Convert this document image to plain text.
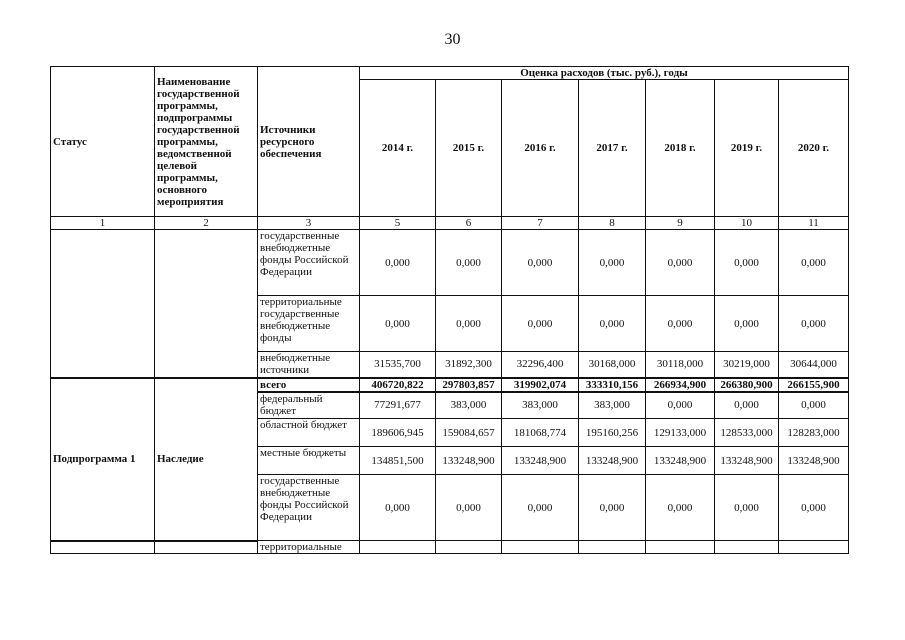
30
Статус	Наименование государственной программы, подпрограммы государственной программы, ведомственной целевой программы, основного мероприятия	Источники ресурсного обеспечения	Оценка расходов (тыс. руб.), годы						
			2014 г.	2015 г.	2016 г.	2017 г.	2018 г.	2019 г.	2020 г.
1	2	3	5	6	7	8	9	10	11
		государственные внебюджетные фонды Российской Федерации	0,000	0,000	0,000	0,000	0,000	0,000	0,000
		территориальные государственные внебюджетные фонды	0,000	0,000	0,000	0,000	0,000	0,000	0,000
		внебюджетные источники	31535,700	31892,300	32296,400	30168,000	30118,000	30219,000	30644,000
Подпрограмма 1	Наследие	всего	406720,822	297803,857	319902,074	333310,156	266934,900	266380,900	266155,900
		федеральный бюджет	77291,677	383,000	383,000	383,000	0,000	0,000	0,000
		областной бюджет	189606,945	159084,657	181068,774	195160,256	129133,000	128533,000	128283,000
		местные бюджеты	134851,500	133248,900	133248,900	133248,900	133248,900	133248,900	133248,900
		государственные внебюджетные фонды Российской Федерации	0,000	0,000	0,000	0,000	0,000	0,000	0,000
		территориальные							
